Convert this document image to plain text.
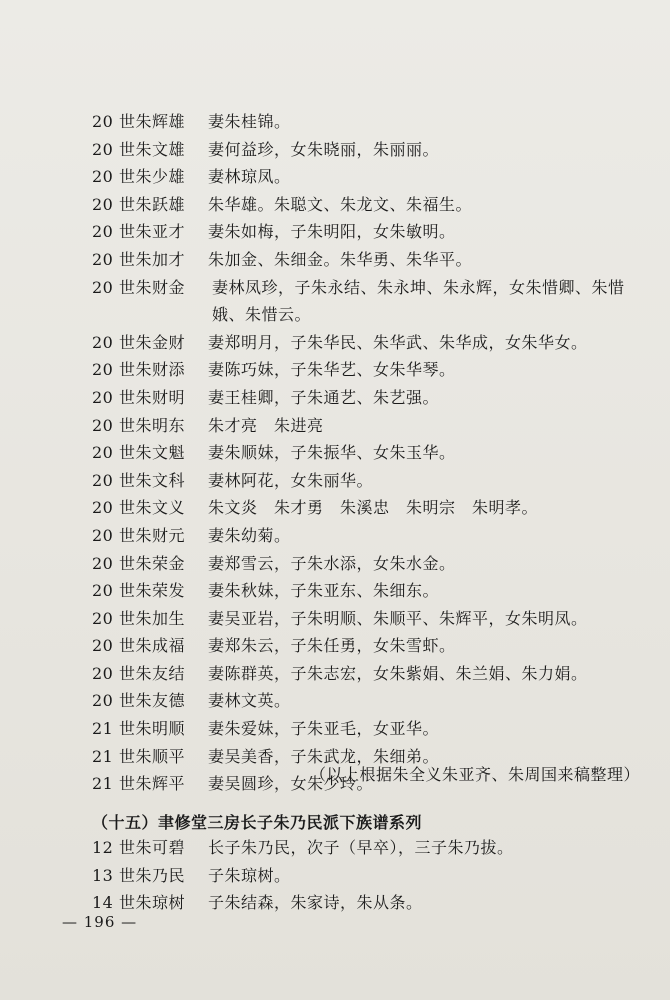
20 世朱辉雄	妻朱桂锦。
20 世朱文雄	妻何益珍，女朱晓丽，朱丽丽。
20 世朱少雄	妻林琼凤。
20 世朱跃雄	朱华雄。朱聪文、朱龙文、朱福生。
20 世朱亚才	妻朱如梅，子朱明阳，女朱敏明。
20 世朱加才	朱加金、朱细金。朱华勇、朱华平。
20 世朱财金	妻林凤珍，子朱永结、朱永坤、朱永辉，女朱惜卿、朱惜娥、朱惜云。
20 世朱金财	妻郑明月，子朱华民、朱华武、朱华成，女朱华女。
20 世朱财添	妻陈巧妹，子朱华艺、女朱华琴。
20 世朱财明	妻王桂卿，子朱通艺、朱艺强。
20 世朱明东	朱才亮　朱进亮
20 世朱文魁	妻朱顺妹，子朱振华、女朱玉华。
20 世朱文科	妻林阿花，女朱丽华。
20 世朱文义	朱文炎　朱才勇　朱溪忠　朱明宗　朱明孝。
20 世朱财元	妻朱幼菊。
20 世朱荣金	妻郑雪云，子朱水添，女朱水金。
20 世朱荣发	妻朱秋妹，子朱亚东、朱细东。
20 世朱加生	妻吴亚岩，子朱明顺、朱顺平、朱辉平，女朱明凤。
20 世朱成福	妻郑朱云，子朱任勇，女朱雪虾。
20 世朱友结	妻陈群英，子朱志宏，女朱紫娟、朱兰娟、朱力娟。
20 世朱友德	妻林文英。
21 世朱明顺	妻朱爱妹，子朱亚毛，女亚华。
21 世朱顺平	妻吴美香，子朱武龙，朱细弟。
21 世朱辉平	妻吴圆珍，女朱少玲。
（以上根据朱全义朱亚齐、朱周国来稿整理）
（十五）聿修堂三房长子朱乃民派下族谱系列
12 世朱可碧	长子朱乃民，次子（早卒），三子朱乃拔。
13 世朱乃民	子朱琼树。
14 世朱琼树	子朱结森，朱家诗，朱从条。
— 196 —
